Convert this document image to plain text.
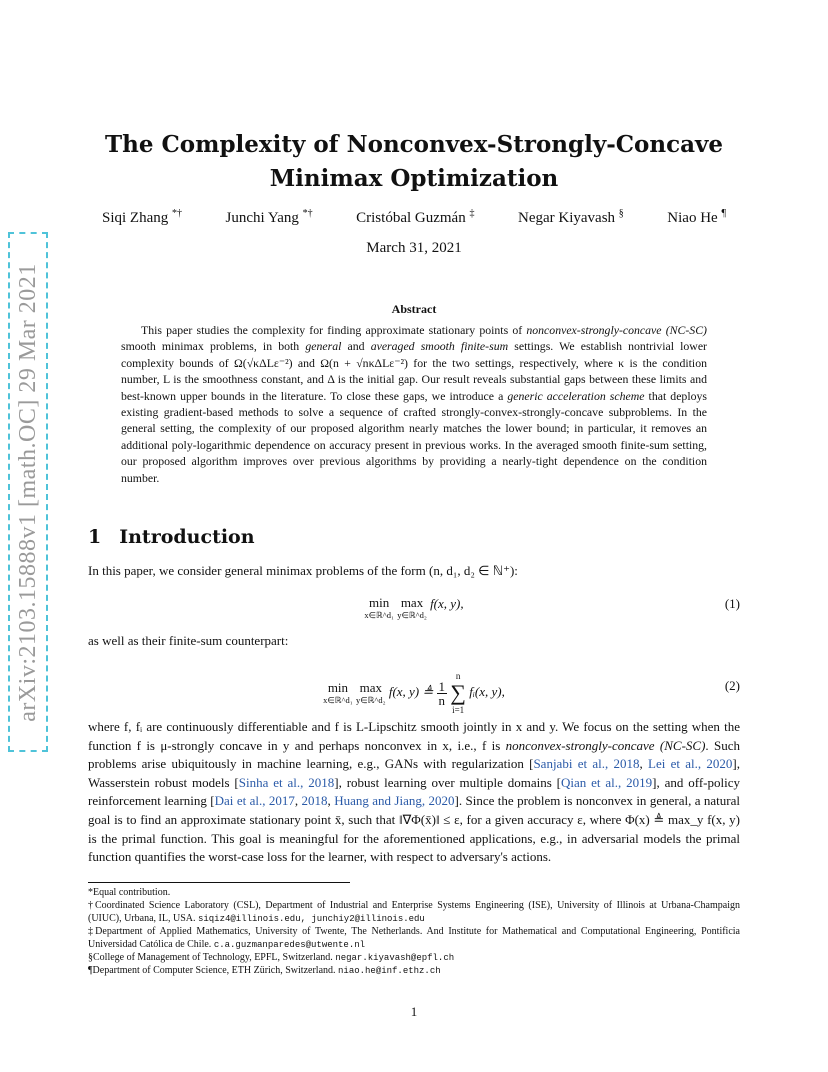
arXiv:2103.15888v1 [math.OC] 29 Mar 2021
The Complexity of Nonconvex-Strongly-Concave
Minimax Optimization
Siqi Zhang *†	Junchi Yang *†	Cristóbal Guzmán ‡	Negar Kiyavash §	Niao He ¶
March 31, 2021
Abstract
This paper studies the complexity for finding approximate stationary points of nonconvex-strongly-concave (NC-SC) smooth minimax problems, in both general and averaged smooth finite-sum settings. We establish nontrivial lower complexity bounds of Ω(√κΔLε⁻²) and Ω(n + √nκΔLε⁻²) for the two settings, respectively, where κ is the condition number, L is the smoothness constant, and Δ is the initial gap. Our result reveals substantial gaps between these limits and best-known upper bounds in the literature. To close these gaps, we introduce a generic acceleration scheme that deploys existing gradient-based methods to solve a sequence of crafted strongly-convex-strongly-concave subproblems. In the general setting, the complexity of our proposed algorithm nearly matches the lower bound; in particular, it removes an additional poly-logarithmic dependence on accuracy present in previous works. In the averaged smooth finite-sum setting, our proposed algorithm improves over previous algorithms by providing a nearly-tight dependence on the condition number.
1 Introduction
In this paper, we consider general minimax problems of the form (n, d₁, d₂ ∈ ℕ⁺):
min
x∈ℝ^d₁
max
y∈ℝ^d₂
f(x, y),	(1)
as well as their finite-sum counterpart:
min
x∈ℝ^d₁
max
y∈ℝ^d₂
f(x, y) ≜ $\frac{1}{n}$
n
∑
i=1
fᵢ(x, y),	(2)
where f, fᵢ are continuously differentiable and f is L-Lipschitz smooth jointly in x and y. We focus on the setting when the function f is μ-strongly concave in y and perhaps nonconvex in x, i.e., f is nonconvex-strongly-concave (NC-SC). Such problems arise ubiquitously in machine learning, e.g., GANs with regularization [Sanjabi et al., 2018, Lei et al., 2020], Wasserstein robust models [Sinha et al., 2018], robust learning over multiple domains [Qian et al., 2019], and off-policy reinforcement learning [Dai et al., 2017, 2018, Huang and Jiang, 2020]. Since the problem is nonconvex in general, a natural goal is to find an approximate stationary point x̄, such that ‖∇Φ(x̄)‖ ≤ ε, for a given accuracy ε, where Φ(x) ≜ max_y f(x, y) is the primal function. This goal is meaningful for the aforementioned applications, e.g., in adversarial models the primal function quantifies the worst-case loss for the learner, with respect to adversary's actions.
*Equal contribution.
†Coordinated Science Laboratory (CSL), Department of Industrial and Enterprise Systems Engineering (ISE), University of Illinois at Urbana-Champaign (UIUC), Urbana, IL, USA. siqiz4@illinois.edu, junchiy2@illinois.edu
‡Department of Applied Mathematics, University of Twente, The Netherlands. And Institute for Mathematical and Computational Engineering, Pontificia Universidad Católica de Chile. c.a.guzmanparedes@utwente.nl
§College of Management of Technology, EPFL, Switzerland. negar.kiyavash@epfl.ch
¶Department of Computer Science, ETH Zürich, Switzerland. niao.he@inf.ethz.ch
1
